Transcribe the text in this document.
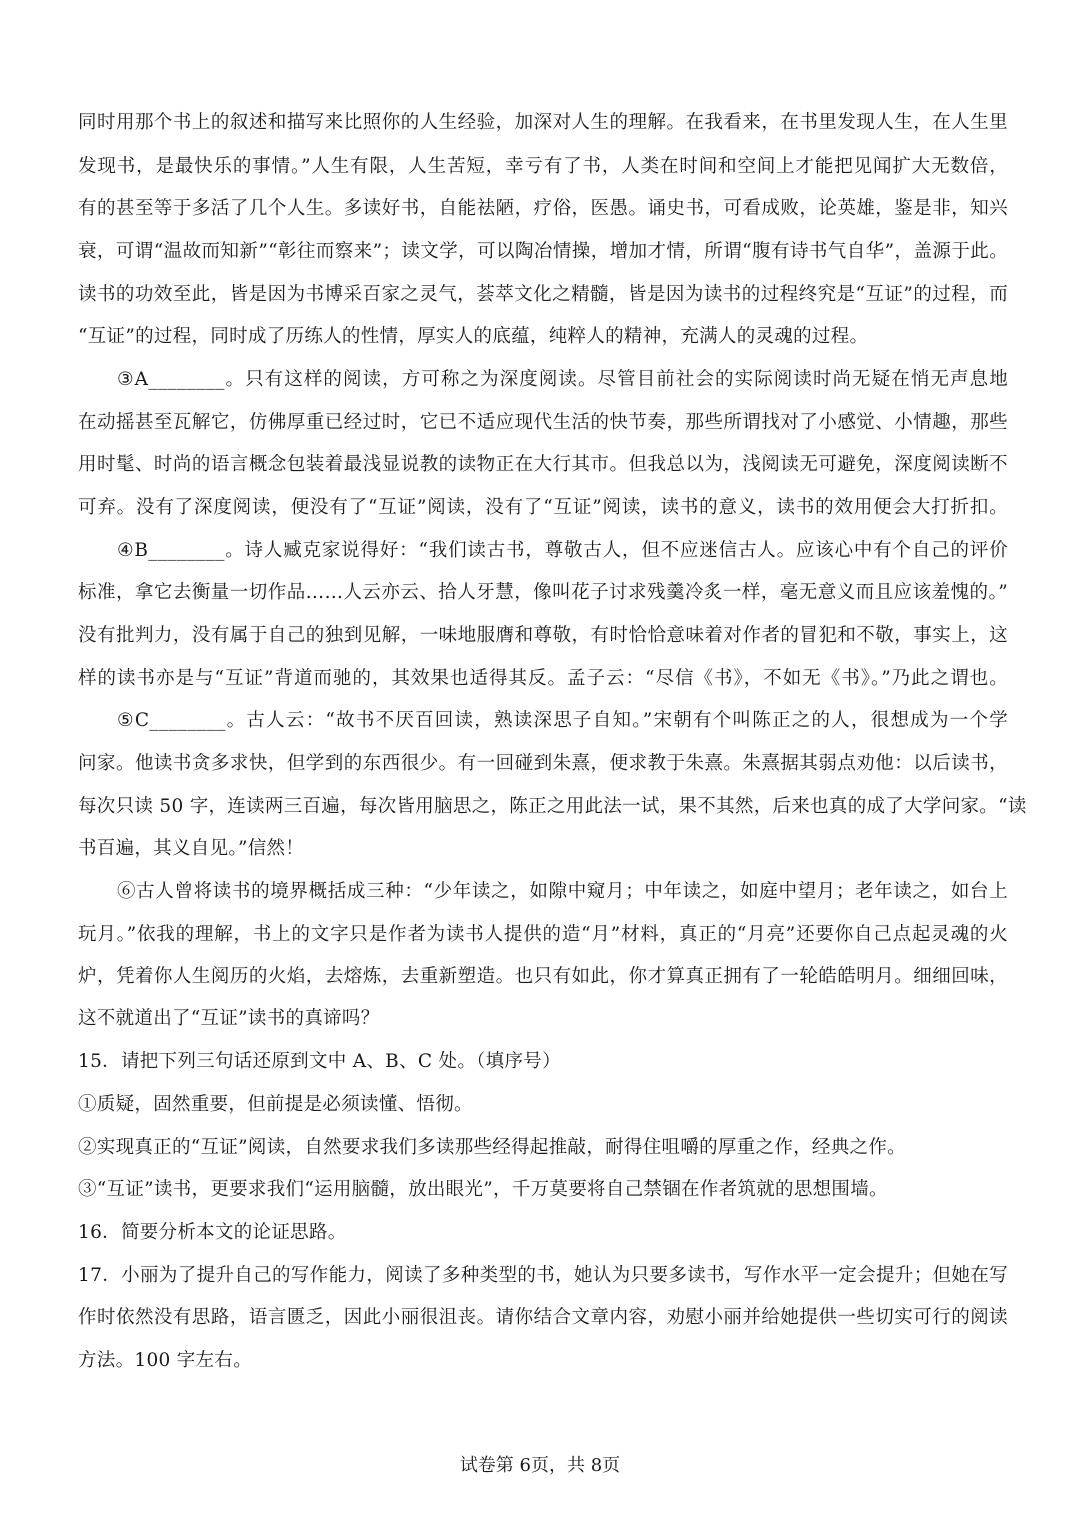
同时用那个书上的叙述和描写来比照你的人生经验，加深对人生的理解。在我看来，在书里发现人生，在人生里
发现书，是最快乐的事情。”人生有限，人生苦短，幸亏有了书，人类在时间和空间上才能把见闻扩大无数倍，
有的甚至等于多活了几个人生。多读好书，自能祛陋，疗俗，医愚。诵史书，可看成败，论英雄，鉴是非，知兴
衰，可谓“温故而知新”“彰往而察来”；读文学，可以陶冶情操，增加才情，所谓“腹有诗书气自华”，盖源于此。
读书的功效至此，皆是因为书博采百家之灵气，荟萃文化之精髓，皆是因为读书的过程终究是“互证”的过程，而
“互证”的过程，同时成了历练人的性情，厚实人的底蕴，纯粹人的精神，充满人的灵魂的过程。
③A________。只有这样的阅读，方可称之为深度阅读。尽管目前社会的实际阅读时尚无疑在悄无声息地
在动摇甚至瓦解它，仿佛厚重已经过时，它已不适应现代生活的快节奏，那些所谓找对了小感觉、小情趣，那些
用时髦、时尚的语言概念包装着最浅显说教的读物正在大行其市。但我总以为，浅阅读无可避免，深度阅读断不
可弃。没有了深度阅读，便没有了“互证”阅读，没有了“互证”阅读，读书的意义，读书的效用便会大打折扣。
④B________。诗人臧克家说得好：“我们读古书，尊敬古人，但不应迷信古人。应该心中有个自己的评价
标准，拿它去衡量一切作品……人云亦云、拾人牙慧，像叫花子讨求残羹冷炙一样，毫无意义而且应该羞愧的。”
没有批判力，没有属于自己的独到见解，一味地服膺和尊敬，有时恰恰意味着对作者的冒犯和不敬，事实上，这
样的读书亦是与“互证”背道而驰的，其效果也适得其反。孟子云：“尽信《书》，不如无《书》。”乃此之谓也。
⑤C________。古人云：“故书不厌百回读，熟读深思子自知。”宋朝有个叫陈正之的人，很想成为一个学
问家。他读书贪多求快，但学到的东西很少。有一回碰到朱熹，便求教于朱熹。朱熹据其弱点劝他：以后读书，
每次只读 50 字，连读两三百遍，每次皆用脑思之，陈正之用此法一试，果不其然，后来也真的成了大学问家。“读
书百遍，其义自见。”信然！
⑥古人曾将读书的境界概括成三种：“少年读之，如隙中窥月；中年读之，如庭中望月；老年读之，如台上
玩月。”依我的理解，书上的文字只是作者为读书人提供的造“月”材料，真正的“月亮”还要你自己点起灵魂的火
炉，凭着你人生阅历的火焰，去熔炼，去重新塑造。也只有如此，你才算真正拥有了一轮皓皓明月。细细回味，
这不就道出了“互证”读书的真谛吗？
15．请把下列三句话还原到文中 A、B、C 处。（填序号）
①质疑，固然重要，但前提是必须读懂、悟彻。
②实现真正的“互证”阅读，自然要求我们多读那些经得起推敲，耐得住咀嚼的厚重之作，经典之作。
③“互证”读书，更要求我们“运用脑髓，放出眼光”，千万莫要将自己禁锢在作者筑就的思想围墙。
16．简要分析本文的论证思路。
17．小丽为了提升自己的写作能力，阅读了多种类型的书，她认为只要多读书，写作水平一定会提升；但她在写
作时依然没有思路，语言匮乏，因此小丽很沮丧。请你结合文章内容，劝慰小丽并给她提供一些切实可行的阅读
方法。100 字左右。
试卷第 6页，共 8页
